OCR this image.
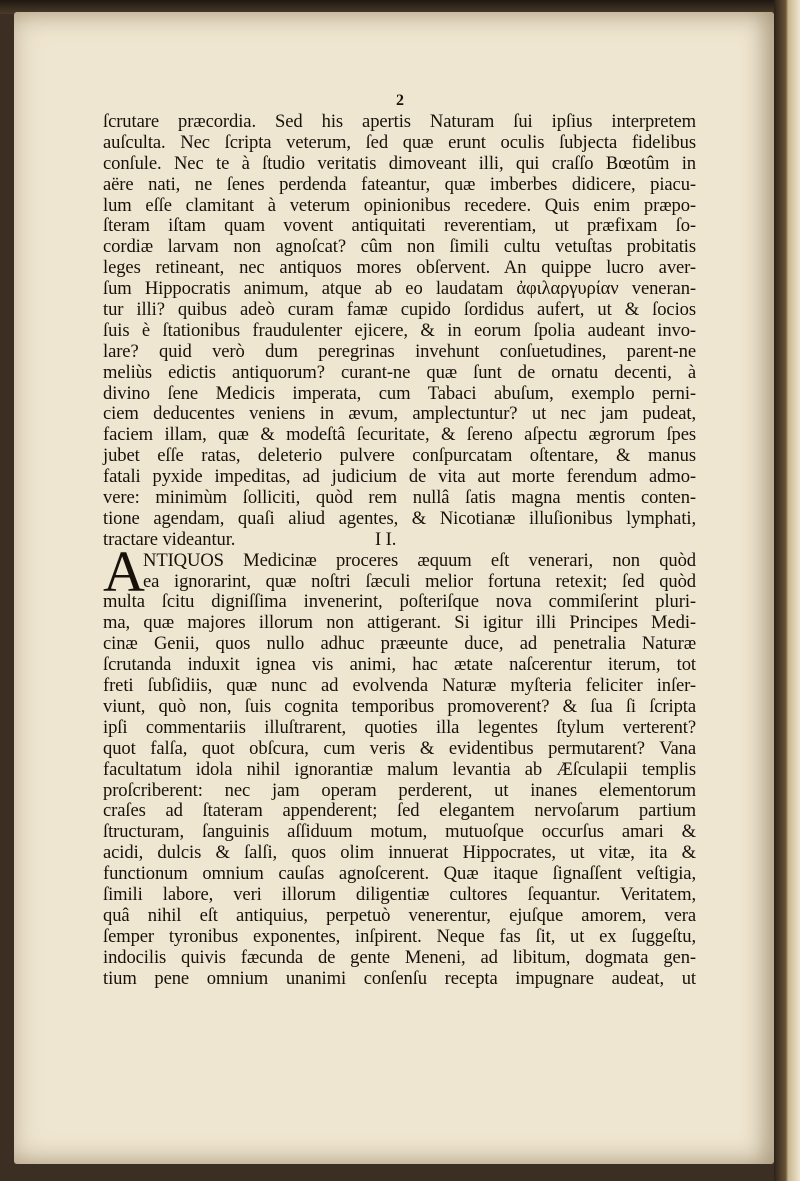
2
ſcrutare præcordia. Sed his apertis Naturam ſui ipſius interpretem
auſculta. Nec ſcripta veterum, ſed quæ erunt oculis ſubjecta fidelibus
conſule. Nec te à ſtudio veritatis dimoveant illi, qui craſſo Bœotûm in
aëre nati, ne ſenes perdenda fateantur, quæ imberbes didicere, piacu-
lum eſſe clamitant à veterum opinionibus recedere. Quis enim præpo-
ſteram iſtam quam vovent antiquitati reverentiam, ut præfixam ſo-
cordiæ larvam non agnoſcat? cûm non ſimili cultu vetuſtas probitatis
leges retineant, nec antiquos mores obſervent. An quippe lucro aver-
ſum Hippocratis animum, atque ab eo laudatam ἀφιλαργυρίαν veneran-
tur illi? quibus adeò curam famæ cupido ſordidus aufert, ut & ſocios
ſuis è ſtationibus fraudulenter ejicere, & in eorum ſpolia audeant invo-
lare? quid verò dum peregrinas invehunt conſuetudines, parent-ne
meliùs edictis antiquorum? curant-ne quæ ſunt de ornatu decenti, à
divino ſene Medicis imperata, cum Tabaci abuſum, exemplo perni-
ciem deducentes veniens in ævum, amplectuntur? ut nec jam pudeat,
faciem illam, quæ & modeſtâ ſecuritate, & ſereno aſpectu ægrorum ſpes
jubet eſſe ratas, deleterio pulvere conſpurcatam oſtentare, & manus
fatali pyxide impeditas, ad judicium de vita aut morte ferendum admo-
vere: minimùm ſolliciti, quòd rem nullâ ſatis magna mentis conten-
tione agendam, quaſi aliud agentes, & Nicotianæ illuſionibus lymphati,
tractare videantur.	I I.
A
NTIQUOS Medicinæ proceres æquum eſt venerari, non quòd
ea ignorarint, quæ noſtri ſæculi melior fortuna retexit; ſed quòd
multa ſcitu digniſſima invenerint, poſteriſque nova commiſerint pluri-
ma, quæ majores illorum non attigerant. Si igitur illi Principes Medi-
cinæ Genii, quos nullo adhuc præeunte duce, ad penetralia Naturæ
ſcrutanda induxit ignea vis animi, hac ætate naſcerentur iterum, tot
freti ſubſidiis, quæ nunc ad evolvenda Naturæ myſteria feliciter inſer-
viunt, quò non, ſuis cognita temporibus promoverent? & ſua ſi ſcripta
ipſi commentariis illuſtrarent, quoties illa legentes ſtylum verterent?
quot falſa, quot obſcura, cum veris & evidentibus permutarent? Vana
facultatum idola nihil ignorantiæ malum levantia ab Æſculapii templis
proſcriberent: nec jam operam perderent, ut inanes elementorum
craſes ad ſtateram appenderent; ſed elegantem nervoſarum partium
ſtructuram, ſanguinis aſſiduum motum, mutuoſque occurſus amari &
acidi, dulcis & ſalſi, quos olim innuerat Hippocrates, ut vitæ, ita &
functionum omnium cauſas agnoſcerent. Quæ itaque ſignaſſent veſtigia,
ſimili labore, veri illorum diligentiæ cultores ſequantur. Veritatem,
quâ nihil eſt antiquius, perpetuò venerentur, ejuſque amorem, vera
ſemper tyronibus exponentes, inſpirent. Neque fas ſit, ut ex ſuggeſtu,
indocilis quivis fæcunda de gente Meneni, ad libitum, dogmata gen-
tium pene omnium unanimi conſenſu recepta impugnare audeat, ut
